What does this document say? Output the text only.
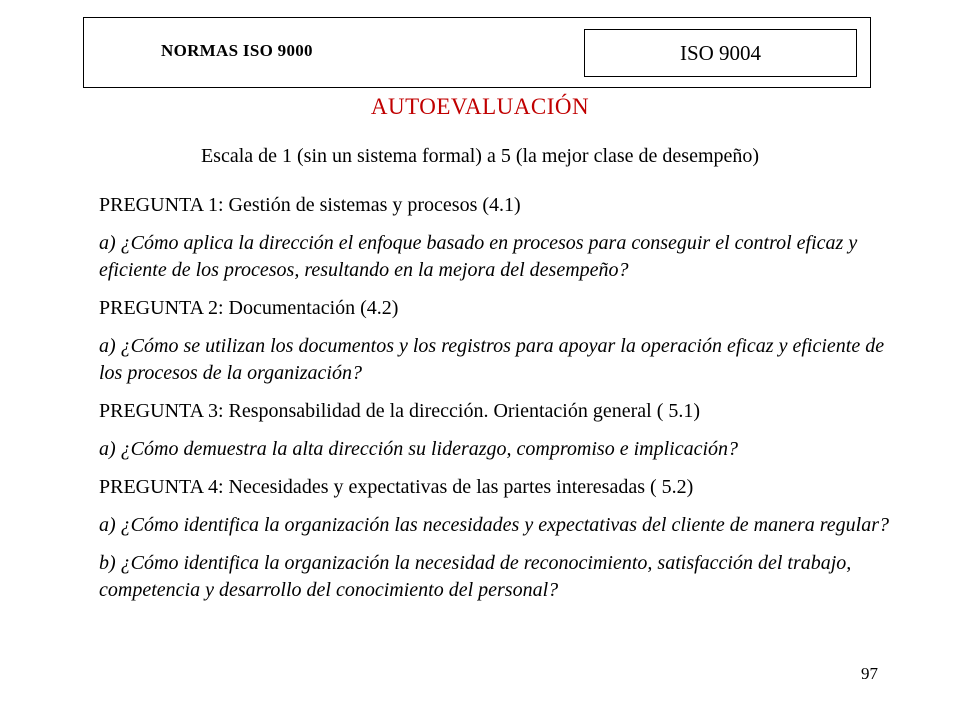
NORMAS ISO 9000	ISO 9004
AUTOEVALUACIÓN
Escala de 1 (sin un sistema formal) a 5 (la mejor clase de desempeño)

PREGUNTA 1: Gestión de sistemas y procesos (4.1)

a) ¿Cómo aplica la dirección el enfoque basado en procesos para conseguir el control eficaz y eficiente de los procesos, resultando en la mejora del desempeño?

PREGUNTA 2: Documentación (4.2)

a) ¿Cómo se utilizan los documentos y los registros para apoyar la operación eficaz y eficiente de los procesos de la organización?

PREGUNTA 3: Responsabilidad de la dirección. Orientación general ( 5.1)

a) ¿Cómo demuestra la alta dirección su liderazgo, compromiso e implicación?

PREGUNTA 4: Necesidades y expectativas de las partes interesadas ( 5.2)

a) ¿Cómo identifica la organización las necesidades y expectativas del cliente de manera regular?

b) ¿Cómo identifica la organización la necesidad de reconocimiento, satisfacción del trabajo, competencia y desarrollo del conocimiento del personal?

97
